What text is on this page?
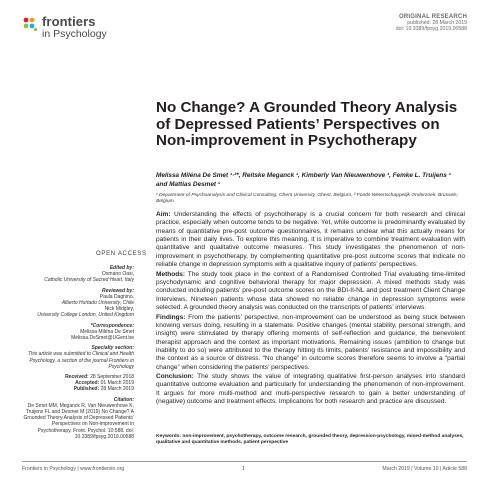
frontiers
in Psychology
ORIGINAL RESEARCH
published: 28 March 2019
doi: 10.3389/fpsyg.2019.00588
No Change? A Grounded Theory Analysis of Depressed Patients’ Perspectives on Non-improvement in Psychotherapy
Melissa Miléna De Smet ¹·²*, Reitske Meganck ¹, Kimberly Van Nieuwenhove ¹, Femke L. Truijens ¹ and Mattias Desmet ¹
¹ Department of Psychoanalysis and Clinical Consulting, Ghent University, Ghent, Belgium, ² Fonds Wetenschappelijk Onderzoek, Brussels, Belgium
OPEN ACCESS
Edited by:
Osmano Oasi,
Catholic University of Sacred Heart, Italy
Reviewed by:
Paula Dagnino,
Alberto Hurtado University, Chile
Nick Midgley,
University College London, United Kingdom
*Correspondence:
Melissa Miléna De Smet
Melissa.DeSmet@UGent.be
Specialty section:
This article was submitted to Clinical and Health Psychology, a section of the journal Frontiers in Psychology
Received: 28 September 2018
Accepted: 01 March 2019
Published: 28 March 2019
Citation:
De Smet MM, Meganck R, Van Nieuwenhove K, Truijens FL and Desmet M (2019) No Change? A Grounded Theory Analysis of Depressed Patients’ Perspectives on Non-improvement in Psychotherapy. Front. Psychol. 10:588. doi: 10.3389/fpsyg.2019.00588

Aim: Understanding the effects of psychotherapy is a crucial concern for both research and clinical practice, especially when outcome tends to be negative. Yet, while outcome is predominantly evaluated by means of quantitative pre-post outcome questionnaires, it remains unclear what this actually means for patients in their daily lives. To explore this meaning, it is imperative to combine treatment evaluation with quantitative and qualitative outcome measures. This study investigates the phenomenon of non-improvement in psychotherapy, by complementing quantitative pre-post outcome scores that indicate no reliable change in depression symptoms with a qualitative inquiry of patients’ perspectives.

Methods: The study took place in the context of a Randomised Controlled Trial evaluating time-limited psychodynamic and cognitive behavioral therapy for major depression. A mixed methods study was conducted including patients’ pre-post outcome scores on the BDI-II-NL and post treatment Client Change Interviews. Nineteen patients whose data showed no reliable change in depression symptoms were selected. A grounded theory analysis was conducted on the transcripts of patients’ interviews.

Findings: From the patients’ perspective, non-improvement can be understood as being stuck between knowing versus doing, resulting in a stalemate. Positive changes (mental stability, personal strength, and insight) were stimulated by therapy offering moments of self-reflection and guidance, the benevolent therapist approach and the context as important motivations. Remaining issues (ambition to change but inability to do so) were attributed to the therapy hitting its limits, patients’ resistance and impossibility and the context as a source of distress. “No change” in outcome scores therefore seems to involve a “partial change” when considering the patients’ perspectives.

Conclusion: The study shows the value of integrating qualitative first-person analyses into standard quantitative outcome evaluation and particularly for understanding the phenomenon of non-improvement. It argues for more multi-method and multi-perspective research to gain a better understanding of (negative) outcome and treatment effects. Implications for both research and practice are discussed.

Keywords: non-improvement, psychotherapy, outcome research, grounded theory, depression-psychology, mixed-method analyses, qualitative and quantitative methods, patient perspective
Frontiers in Psychology | www.frontiersin.org	1	March 2019 | Volume 10 | Article 588
